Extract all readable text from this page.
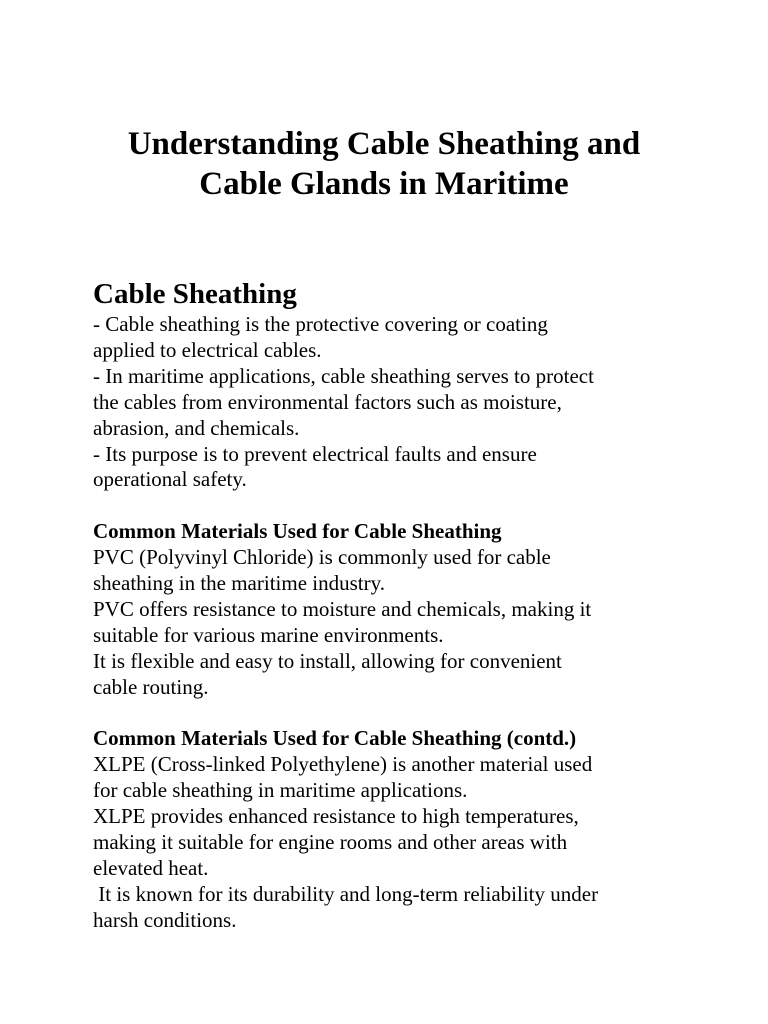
Understanding Cable Sheathing and
Cable Glands in Maritime
Cable Sheathing

- Cable sheathing is the protective covering or coating

applied to electrical cables.

- In maritime applications, cable sheathing serves to protect

the cables from environmental factors such as moisture,

abrasion, and chemicals.

- Its purpose is to prevent electrical faults and ensure

operational safety.

Common Materials Used for Cable Sheathing

PVC (Polyvinyl Chloride) is commonly used for cable

sheathing in the maritime industry.

PVC offers resistance to moisture and chemicals, making it

suitable for various marine environments.

It is flexible and easy to install, allowing for convenient

cable routing.

Common Materials Used for Cable Sheathing (contd.)

XLPE (Cross-linked Polyethylene) is another material used

for cable sheathing in maritime applications.

XLPE provides enhanced resistance to high temperatures,

making it suitable for engine rooms and other areas with

elevated heat.

It is known for its durability and long-term reliability under

harsh conditions.
